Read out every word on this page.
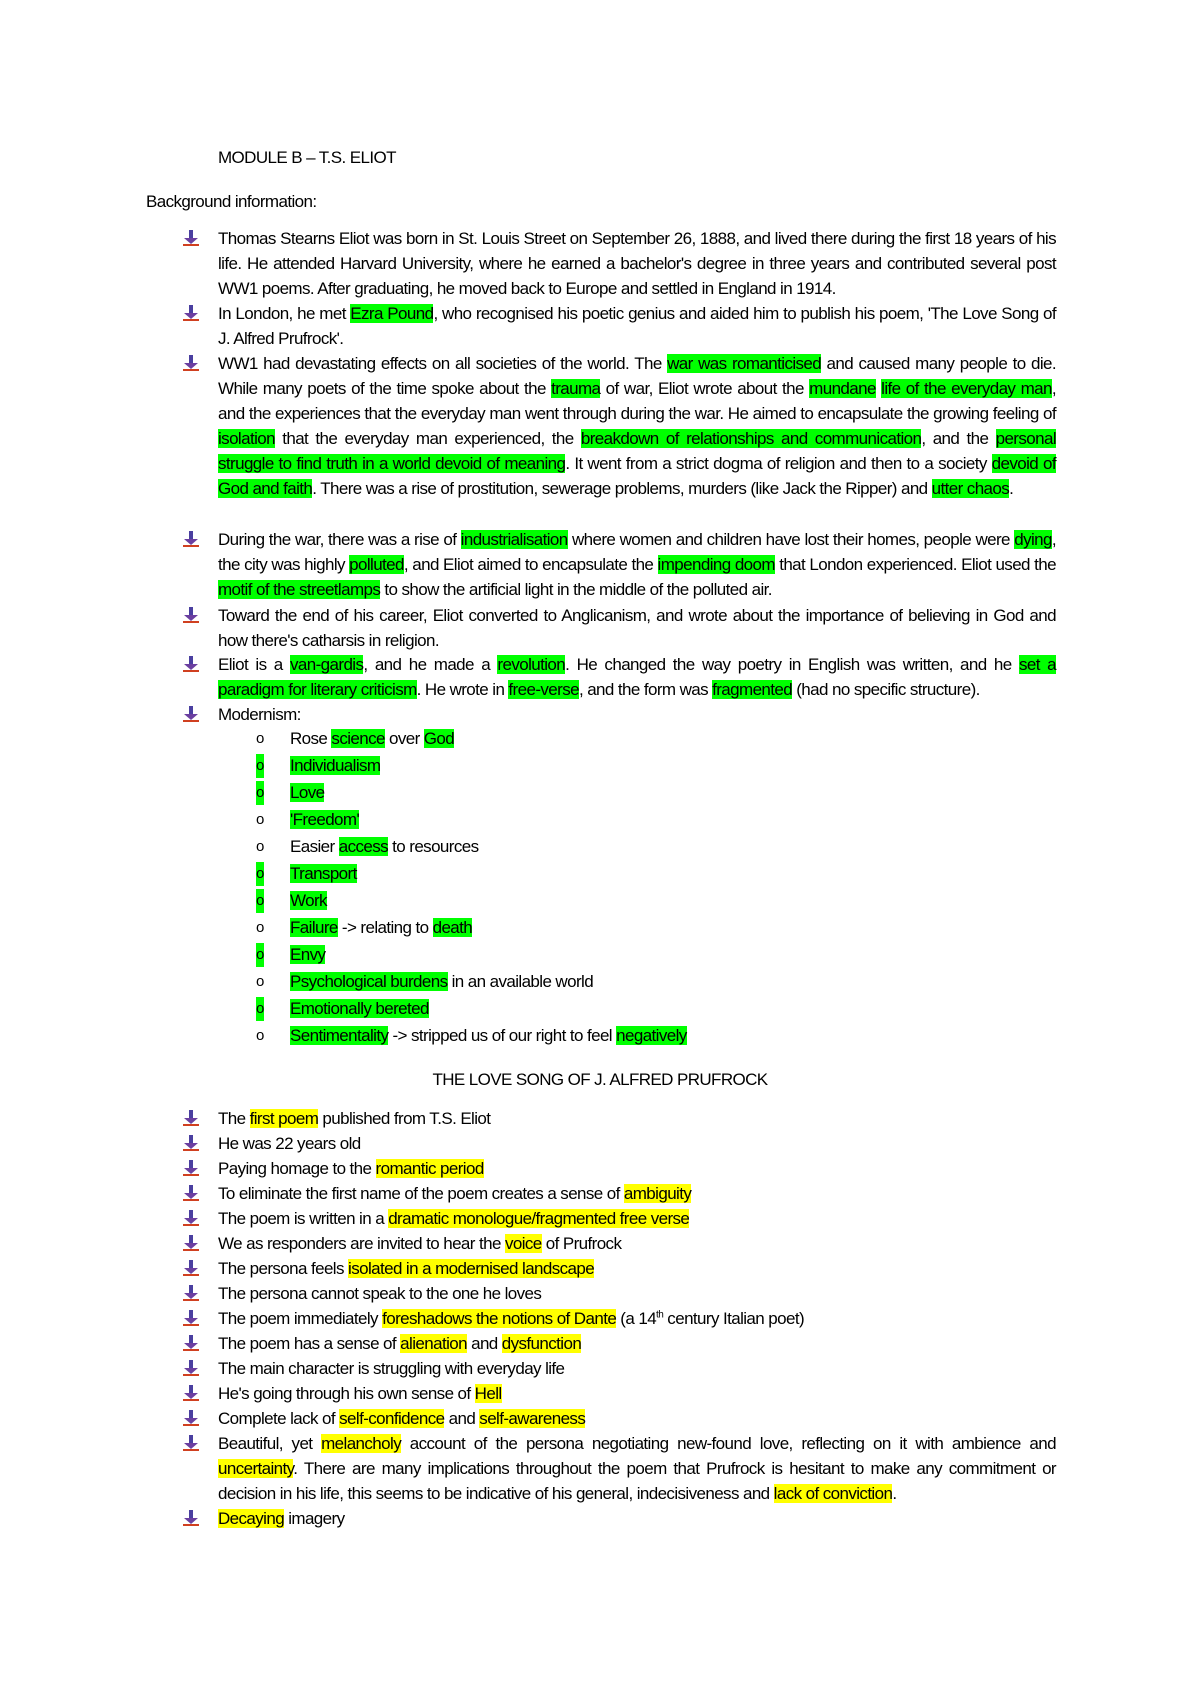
MODULE B – T.S. ELIOT
Background information:
Thomas Stearns Eliot was born in St. Louis Street on September 26, 1888, and lived there during the first 18 years of his life. He attended Harvard University, where he earned a bachelor's degree in three years and contributed several post WW1 poems. After graduating, he moved back to Europe and settled in England in 1914.
In London, he met Ezra Pound, who recognised his poetic genius and aided him to publish his poem, 'The Love Song of J. Alfred Prufrock'.
WW1 had devastating effects on all societies of the world. The war was romanticised and caused many people to die. While many poets of the time spoke about the trauma of war, Eliot wrote about the mundane life of the everyday man, and the experiences that the everyday man went through during the war. He aimed to encapsulate the growing feeling of isolation that the everyday man experienced, the breakdown of relationships and communication, and the personal struggle to find truth in a world devoid of meaning. It went from a strict dogma of religion and then to a society devoid of God and faith. There was a rise of prostitution, sewerage problems, murders (like Jack the Ripper) and utter chaos.
During the war, there was a rise of industrialisation where women and children have lost their homes, people were dying, the city was highly polluted, and Eliot aimed to encapsulate the impending doom that London experienced. Eliot used the motif of the streetlamps to show the artificial light in the middle of the polluted air.
Toward the end of his career, Eliot converted to Anglicanism, and wrote about the importance of believing in God and how there's catharsis in religion.
Eliot is a van-gardis, and he made a revolution. He changed the way poetry in English was written, and he set a paradigm for literary criticism. He wrote in free-verse, and the form was fragmented (had no specific structure).
Modernism:
o Rose science over God
o Individualism
o Love
o 'Freedom'
o Easier access to resources
o Transport
o Work
o Failure -> relating to death
o Envy
o Psychological burdens in an available world
o Emotionally bereted
o Sentimentality -> stripped us of our right to feel negatively
THE LOVE SONG OF J. ALFRED PRUFROCK
The first poem published from T.S. Eliot
He was 22 years old
Paying homage to the romantic period
To eliminate the first name of the poem creates a sense of ambiguity
The poem is written in a dramatic monologue/fragmented free verse
We as responders are invited to hear the voice of Prufrock
The persona feels isolated in a modernised landscape
The persona cannot speak to the one he loves
The poem immediately foreshadows the notions of Dante (a 14th century Italian poet)
The poem has a sense of alienation and dysfunction
The main character is struggling with everyday life
He's going through his own sense of Hell
Complete lack of self-confidence and self-awareness
Beautiful, yet melancholy account of the persona negotiating new-found love, reflecting on it with ambience and uncertainty. There are many implications throughout the poem that Prufrock is hesitant to make any commitment or decision in his life, this seems to be indicative of his general, indecisiveness and lack of conviction.
Decaying imagery
